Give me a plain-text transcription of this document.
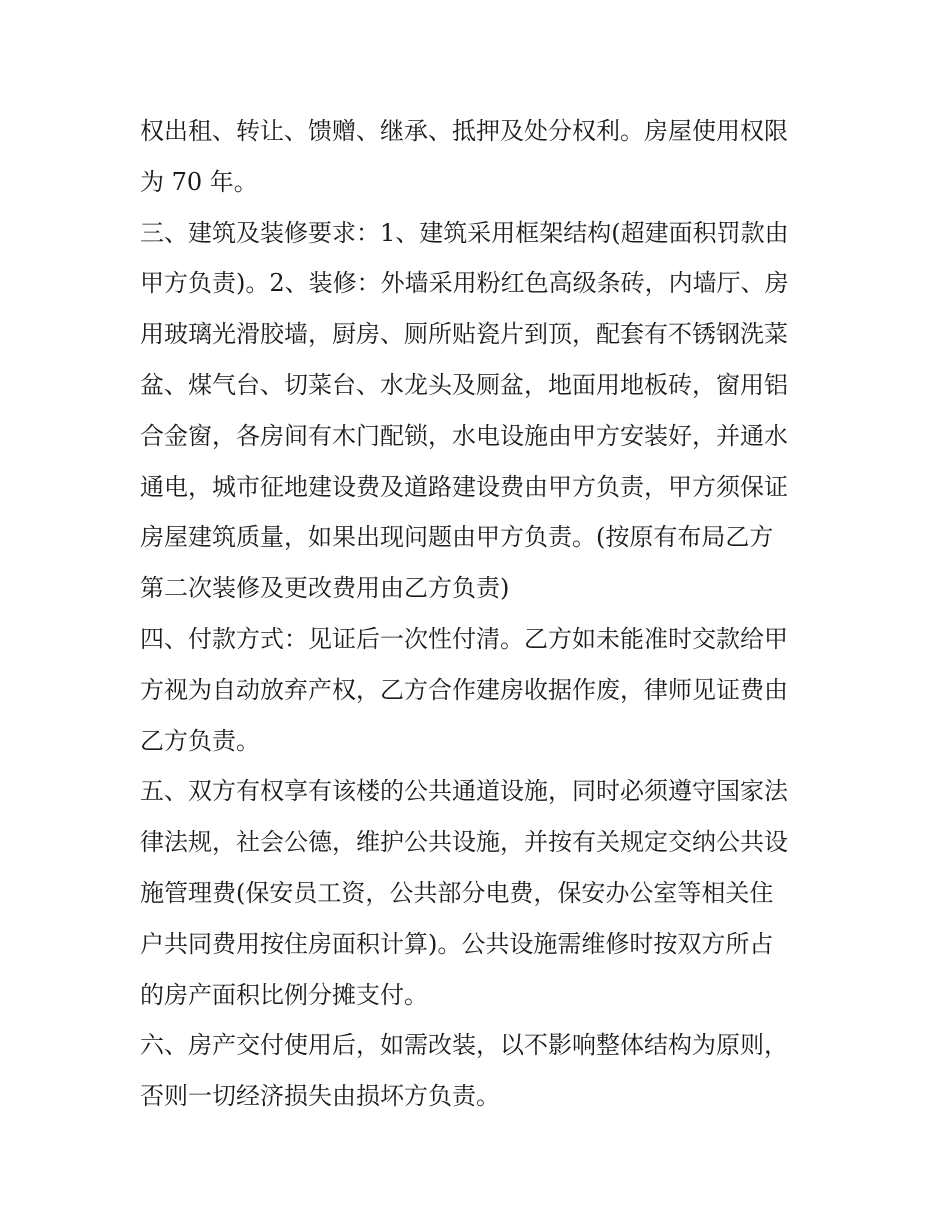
权出租、转让、馈赠、继承、抵押及处分权利。房屋使用权限
为 70 年。
三、建筑及装修要求：1、建筑采用框架结构(超建面积罚款由
甲方负责)。2、装修：外墙采用粉红色高级条砖，内墙厅、房
用玻璃光滑胶墙，厨房、厕所贴瓷片到顶，配套有不锈钢洗菜
盆、煤气台、切菜台、水龙头及厕盆，地面用地板砖，窗用铝
合金窗，各房间有木门配锁，水电设施由甲方安装好，并通水
通电，城市征地建设费及道路建设费由甲方负责，甲方须保证
房屋建筑质量，如果出现问题由甲方负责。(按原有布局乙方
第二次装修及更改费用由乙方负责)
四、付款方式：见证后一次性付清。乙方如未能准时交款给甲
方视为自动放弃产权，乙方合作建房收据作废，律师见证费由
乙方负责。
五、双方有权享有该楼的公共通道设施，同时必须遵守国家法
律法规，社会公德，维护公共设施，并按有关规定交纳公共设
施管理费(保安员工资，公共部分电费，保安办公室等相关住
户共同费用按住房面积计算)。公共设施需维修时按双方所占
的房产面积比例分摊支付。
六、房产交付使用后，如需改装，以不影响整体结构为原则，
否则一切经济损失由损坏方负责。
